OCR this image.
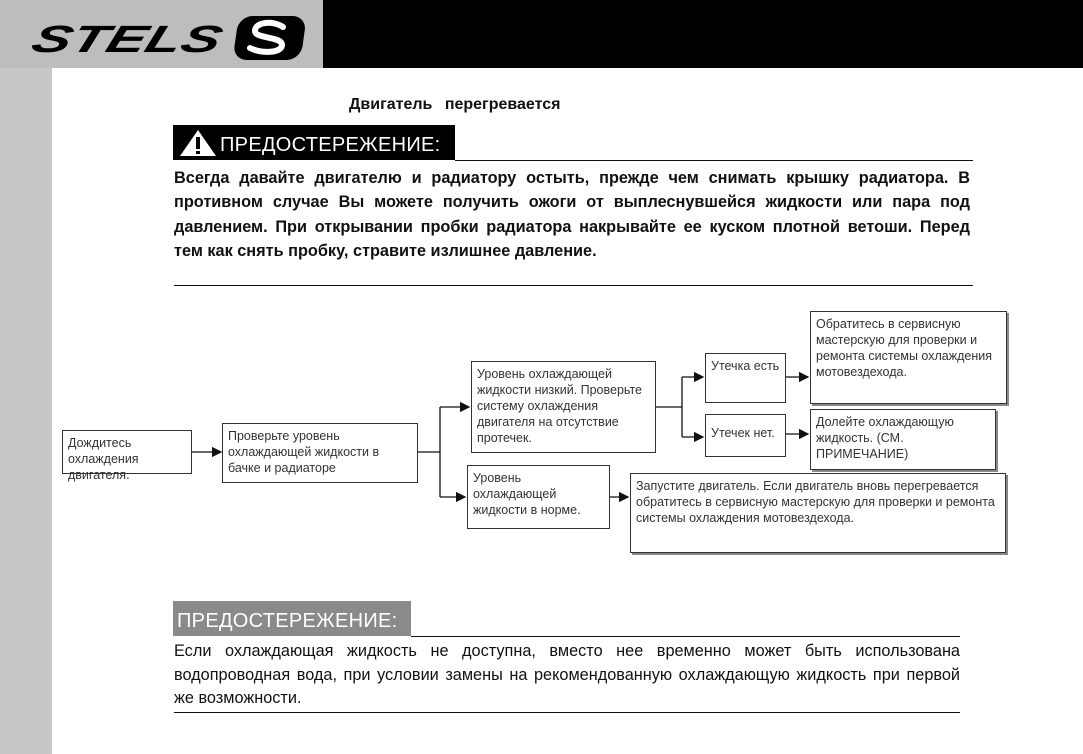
STELS
Двигатель перегревается
ПРЕДОСТЕРЕЖЕНИЕ:
Всегда давайте двигателю и радиатору остыть, прежде чем снимать крышку радиатора. В противном случае Вы можете получить ожоги от выплеснувшейся жидкости или пара под давлением. При открывании пробки радиатора накрывайте ее куском плотной ветоши. Перед тем как снять пробку, стравите излишнее давление.
Дождитесь охлаждения двигателя.
Проверьте уровень охлаждающей жидкости в бачке и радиаторе
Уровень охлаждающей жидкости низкий. Проверьте систему охлаждения двигателя на отсутствие протечек.
Уровень охлаждающей жидкости в норме.
Утечка есть
Утечек нет.
Обратитесь в сервисную мастерскую для проверки и ремонта системы охлаждения мотовездехода.
Долейте охлаждающую жидкость. (СМ. ПРИМЕЧАНИЕ)
Запустите двигатель. Если двигатель вновь перегревается обратитесь в сервисную мастерскую для проверки и ремонта системы охлаждения мотовездехода.
ПРЕДОСТЕРЕЖЕНИЕ:
Если охлаждающая жидкость не доступна, вместо нее временно может быть использована водопроводная вода, при условии замены на рекомендованную охлаждающую жидкость при первой же возможности.
